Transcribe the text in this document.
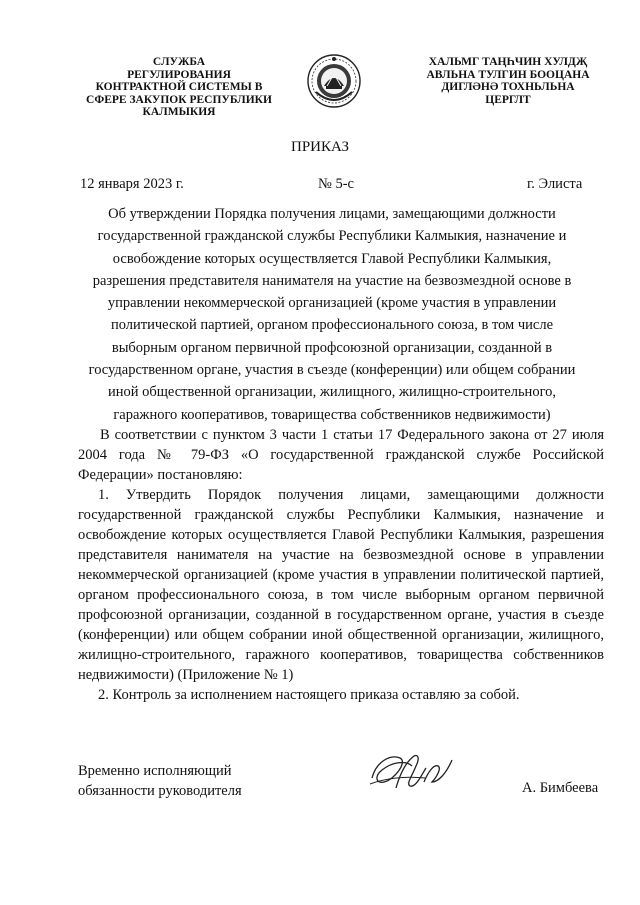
СЛУЖБА
РЕГУЛИРОВАНИЯ
КОНТРАКТНОЙ СИСТЕМЫ В
СФЕРЕ ЗАКУПОК РЕСПУБЛИКИ
КАЛМЫКИЯ
ХАЛЬМГ ТАҢҺЧИН ХУЛДҖ
АВЛЬНА ТУЛГИН БООЦАНА
ДИГЛӘНӘ ТОХНЬЛЬНА
ЦЕРГЛТ
ПРИКАЗ
12 января 2023 г.	№ 5-с	г. Элиста
Об утверждении Порядка получения лицами, замещающими должности
государственной гражданской службы Республики Калмыкия, назначение и
освобождение которых осуществляется Главой Республики Калмыкия,
разрешения представителя нанимателя на участие на безвозмездной основе в
управлении некоммерческой организацией (кроме участия в управлении
политической партией, органом профессионального союза, в том числе
выборным органом первичной профсоюзной организации, созданной в
государственном органе, участия в съезде (конференции) или общем собрании
иной общественной организации, жилищного, жилищно-строительного,
гаражного кооперативов, товарищества собственников недвижимости)

В соответствии с пунктом 3 части 1 статьи 17 Федерального закона от 27 июля 2004 года № 79-ФЗ «О государственной гражданской службе Российской Федерации» постановляю:

1. Утвердить Порядок получения лицами, замещающими должности государственной гражданской службы Республики Калмыкия, назначение и освобождение которых осуществляется Главой Республики Калмыкия, разрешения представителя нанимателя на участие на безвозмездной основе в управлении некоммерческой организацией (кроме участия в управлении политической партией, органом профессионального союза, в том числе выборным органом первичной профсоюзной организации, созданной в государственном органе, участия в съезде (конференции) или общем собрании иной общественной организации, жилищного, жилищно-строительного, гаражного кооперативов, товарищества собственников недвижимости) (Приложение № 1)

2. Контроль за исполнением настоящего приказа оставляю за собой.

Временно исполняющий
обязанности руководителя	А. Бимбеева
